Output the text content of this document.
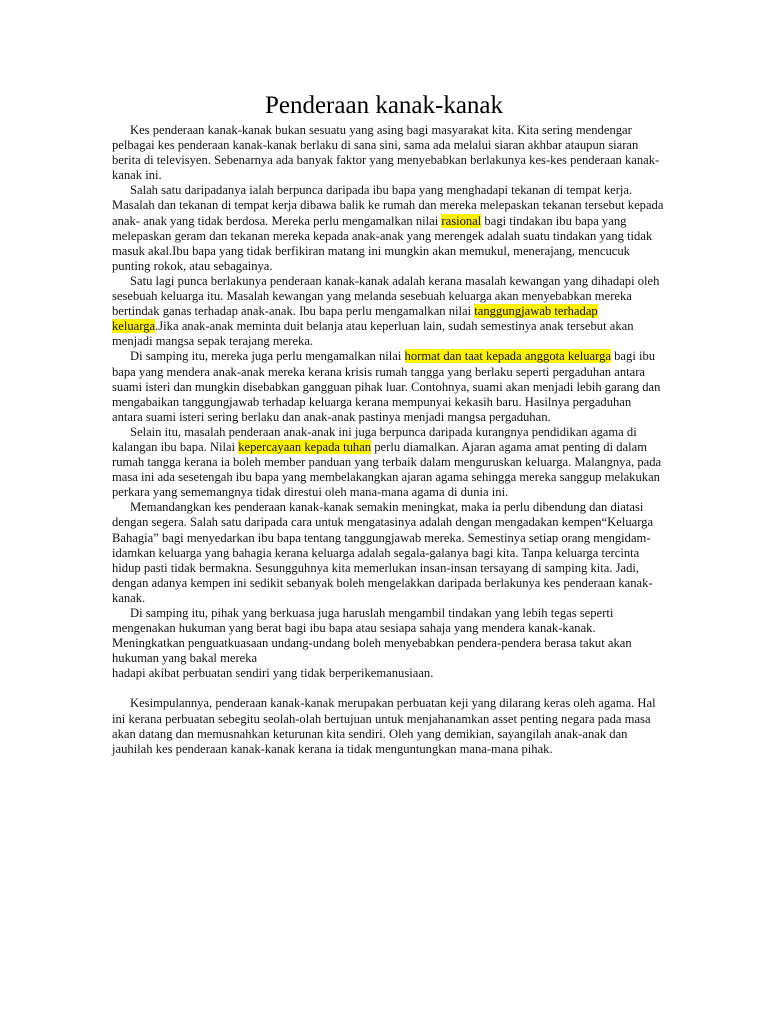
Penderaan kanak-kanak

Kes penderaan kanak-kanak bukan sesuatu yang asing bagi masyarakat kita. Kita sering mendengar pelbagai kes penderaan kanak-kanak berlaku di sana sini, sama ada melalui siaran akhbar ataupun siaran berita di televisyen. Sebenarnya ada banyak faktor yang menyebabkan berlakunya kes-kes penderaan kanak-kanak ini.

Salah satu daripadanya ialah berpunca daripada ibu bapa yang menghadapi tekanan di tempat kerja. Masalah dan tekanan di tempat kerja dibawa balik ke rumah dan mereka melepaskan tekanan tersebut kepada anak- anak yang tidak berdosa. Mereka perlu mengamalkan nilai rasional bagi tindakan ibu bapa yang melepaskan geram dan tekanan mereka kepada anak-anak yang merengek adalah suatu tindakan yang tidak masuk akal.Ibu bapa yang tidak berfikiran matang ini mungkin akan memukul, menerajang, mencucuk punting rokok, atau sebagainya.

Satu lagi punca berlakunya penderaan kanak-kanak adalah kerana masalah kewangan yang dihadapi oleh sesebuah keluarga itu. Masalah kewangan yang melanda sesebuah keluarga akan menyebabkan mereka bertindak ganas terhadap anak-anak. Ibu bapa perlu mengamalkan nilai tanggungjawab terhadap keluarga.Jika anak-anak meminta duit belanja atau keperluan lain, sudah semestinya anak tersebut akan menjadi mangsa sepak terajang mereka.

Di samping itu, mereka juga perlu mengamalkan nilai hormat dan taat kepada anggota keluarga bagi ibu bapa yang mendera anak-anak mereka kerana krisis rumah tangga yang berlaku seperti pergaduhan antara suami isteri dan mungkin disebabkan gangguan pihak luar. Contohnya, suami akan menjadi lebih garang dan mengabaikan tanggungjawab terhadap keluarga kerana mempunyai kekasih baru. Hasilnya pergaduhan antara suami isteri sering berlaku dan anak-anak pastinya menjadi mangsa pergaduhan.

Selain itu, masalah penderaan anak-anak ini juga berpunca daripada kurangnya pendidikan agama di kalangan ibu bapa. Nilai kepercayaan kepada tuhan perlu diamalkan. Ajaran agama amat penting di dalam rumah tangga kerana ia boleh member panduan yang terbaik dalam menguruskan keluarga. Malangnya, pada masa ini ada sesetengah ibu bapa yang membelakangkan ajaran agama sehingga mereka sanggup melakukan perkara yang sememangnya tidak direstui oleh mana-mana agama di dunia ini.

Memandangkan kes penderaan kanak-kanak semakin meningkat, maka ia perlu dibendung dan diatasi dengan segera. Salah satu daripada cara untuk mengatasinya adalah dengan mengadakan kempen“Keluarga Bahagia” bagi menyedarkan ibu bapa tentang tanggungjawab mereka. Semestinya setiap orang mengidam-idamkan keluarga yang bahagia kerana keluarga adalah segala-galanya bagi kita. Tanpa keluarga tercinta hidup pasti tidak bermakna. Sesungguhnya kita memerlukan insan-insan tersayang di samping kita. Jadi, dengan adanya kempen ini sedikit sebanyak boleh mengelakkan daripada berlakunya kes penderaan kanak-kanak.

Di samping itu, pihak yang berkuasa juga haruslah mengambil tindakan yang lebih tegas seperti mengenakan hukuman yang berat bagi ibu bapa atau sesiapa sahaja yang mendera kanak-kanak. Meningkatkan penguatkuasaan undang-undang boleh menyebabkan pendera-pendera berasa takut akan hukuman yang bakal mereka

hadapi akibat perbuatan sendiri yang tidak berperikemanusiaan.

Kesimpulannya, penderaan kanak-kanak merupakan perbuatan keji yang dilarang keras oleh agama. Hal ini kerana perbuatan sebegitu seolah-olah bertujuan untuk menjahanamkan asset penting negara pada masa akan datang dan memusnahkan keturunan kita sendiri. Oleh yang demikian, sayangilah anak-anak dan jauhilah kes penderaan kanak-kanak kerana ia tidak menguntungkan mana-mana pihak.
